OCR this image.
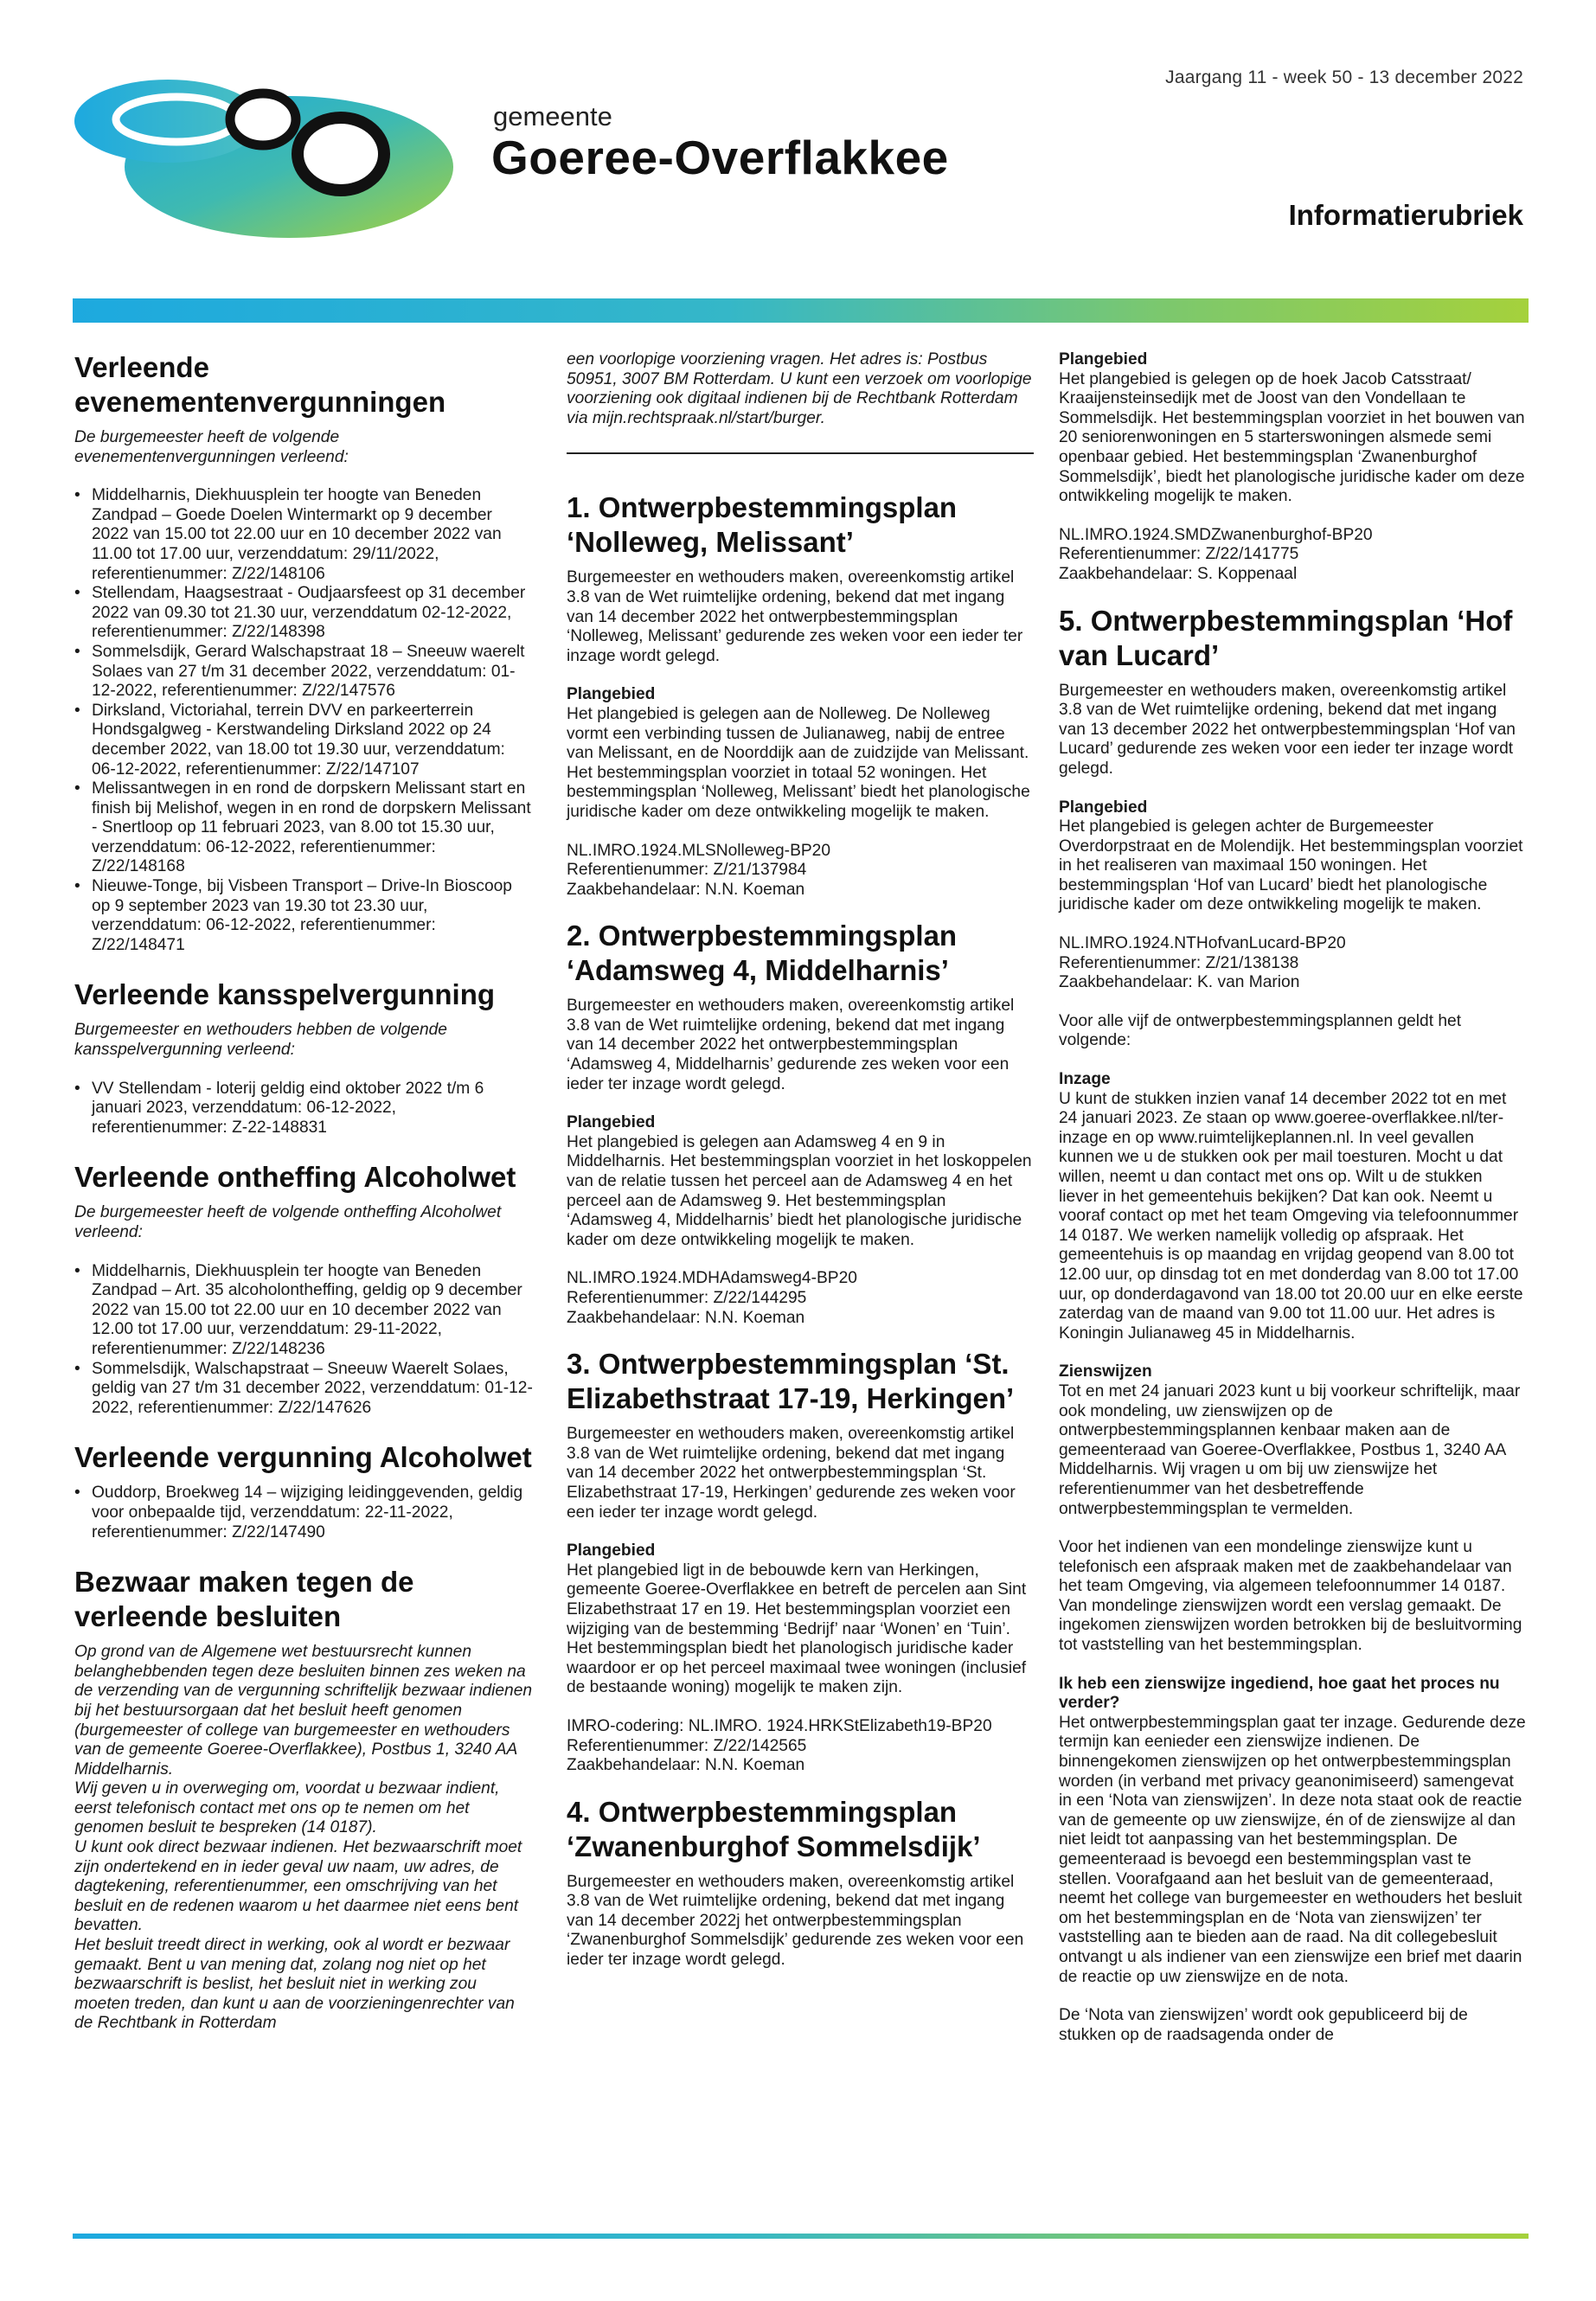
Jaargang 11 - week 50 - 13 december 2022
gemeente
Goeree-Overflakkee
Informatierubriek
Verleende evenementenvergunningen

De burgemeester heeft de volgende evenementenvergunningen verleend:

• Middelharnis, Diekhuusplein ter hoogte van Beneden Zandpad – Goede Doelen Wintermarkt op 9 december 2022 van 15.00 tot 22.00 uur en 10 december 2022 van 11.00 tot 17.00 uur, verzenddatum: 29/11/2022, referentienummer: Z/22/148106
• Stellendam, Haagsestraat - Oudjaarsfeest op 31 december 2022 van 09.30 tot 21.30 uur, verzenddatum 02-12-2022, referentienummer: Z/22/148398
• Sommelsdijk, Gerard Walschapstraat 18 – Sneeuw waerelt Solaes van 27 t/m 31 december 2022, verzenddatum: 01-12-2022, referentienummer: Z/22/147576
• Dirksland, Victoriahal, terrein DVV en parkeerterrein Hondsgalgweg - Kerstwandeling Dirksland 2022 op 24 december 2022, van 18.00 tot 19.30 uur, verzenddatum: 06-12-2022, referentienummer: Z/22/147107
• Melissantwegen in en rond de dorpskern Melissant start en finish bij Melishof, wegen in en rond de dorpskern Melissant - Snertloop op 11 februari 2023, van 8.00 tot 15.30 uur, verzenddatum: 06-12-2022, referentienummer: Z/22/148168
• Nieuwe-Tonge, bij Visbeen Transport – Drive-In Bioscoop op 9 september 2023 van 19.30 tot 23.30 uur, verzenddatum: 06-12-2022, referentienummer: Z/22/148471
Verleende kansspelvergunning

Burgemeester en wethouders hebben de volgende kansspelvergunning verleend:

• VV Stellendam - loterij geldig eind oktober 2022 t/m 6 januari 2023, verzenddatum: 06-12-2022, referentienummer: Z-22-148831
Verleende ontheffing Alcoholwet

De burgemeester heeft de volgende ontheffing Alcoholwet verleend:

• Middelharnis, Diekhuusplein ter hoogte van Beneden Zandpad – Art. 35 alcoholontheffing, geldig op 9 december 2022 van 15.00 tot 22.00 uur en 10 december 2022 van 12.00 tot 17.00 uur, verzenddatum: 29-11-2022, referentienummer: Z/22/148236
• Sommelsdijk, Walschapstraat – Sneeuw Waerelt Solaes, geldig van 27 t/m 31 december 2022, verzenddatum: 01-12-2022, referentienummer: Z/22/147626
Verleende vergunning Alcoholwet
• Ouddorp, Broekweg 14 – wijziging leidinggevenden, geldig voor onbepaalde tijd, verzenddatum: 22-11-2022, referentienummer: Z/22/147490
Bezwaar maken tegen de verleende besluiten
Op grond van de Algemene wet bestuursrecht kunnen belanghebbenden tegen deze besluiten binnen zes weken na de verzending van de vergunning schriftelijk bezwaar indienen bij het bestuursorgaan dat het besluit heeft genomen (burgemeester of college van burgemeester en wethouders van de gemeente Goeree-Overflakkee), Postbus 1, 3240 AA Middelharnis.
Wij geven u in overweging om, voordat u bezwaar indient, eerst telefonisch contact met ons op te nemen om het genomen besluit te bespreken (14 0187).
U kunt ook direct bezwaar indienen. Het bezwaarschrift moet zijn ondertekend en in ieder geval uw naam, uw adres, de dagtekening, referentienummer, een omschrijving van het besluit en de redenen waarom u het daarmee niet eens bent bevatten.
Het besluit treedt direct in werking, ook al wordt er bezwaar gemaakt. Bent u van mening dat, zolang nog niet op het bezwaarschrift is beslist, het besluit niet in werking zou moeten treden, dan kunt u aan de voorzieningenrechter van de Rechtbank in Rotterdam

een voorlopige voorziening vragen. Het adres is: Postbus 50951, 3007 BM Rotterdam. U kunt een verzoek om voorlopige voorziening ook digitaal indienen bij de Rechtbank Rotterdam via mijn.rechtspraak.nl/start/burger.

1. Ontwerpbestemmingsplan ‘Nolleweg, Melissant’

Burgemeester en wethouders maken, overeenkomstig artikel 3.8 van de Wet ruimtelijke ordening, bekend dat met ingang van 14 december 2022 het ontwerpbestemmingsplan ‘Nolleweg, Melissant’ gedurende zes weken voor een ieder ter inzage wordt gelegd.

Plangebied

Het plangebied is gelegen aan de Nolleweg. De Nolleweg vormt een verbinding tussen de Julianaweg, nabij de entree van Melissant, en de Noorddijk aan de zuidzijde van Melissant. Het bestemmingsplan voorziet in totaal 52 woningen. Het bestemmingsplan ‘Nolleweg, Melissant’ biedt het planologische juridische kader om deze ontwikkeling mogelijk te maken.

NL.IMRO.1924.MLSNolleweg-BP20
Referentienummer: Z/21/137984

Zaakbehandelaar: N.N. Koeman

2. Ontwerpbestemmingsplan ‘Adamsweg 4, Middelharnis’

Burgemeester en wethouders maken, overeenkomstig artikel 3.8 van de Wet ruimtelijke ordening, bekend dat met ingang van 14 december 2022 het ontwerpbestemmingsplan ‘Adamsweg 4, Middelharnis’ gedurende zes weken voor een ieder ter inzage wordt gelegd.

Plangebied

Het plangebied is gelegen aan Adamsweg 4 en 9 in Middelharnis. Het bestemmingsplan voorziet in het loskoppelen van de relatie tussen het perceel aan de Adamsweg 4 en het perceel aan de Adamsweg 9. Het bestemmingsplan ‘Adamsweg 4, Middelharnis’ biedt het planologische juridische kader om deze ontwikkeling mogelijk te maken.

NL.IMRO.1924.MDHAdamsweg4-BP20
Referentienummer: Z/22/144295

Zaakbehandelaar: N.N. Koeman

3. Ontwerpbestemmingsplan ‘St. Elizabethstraat 17-19, Herkingen’

Burgemeester en wethouders maken, overeenkomstig artikel 3.8 van de Wet ruimtelijke ordening, bekend dat met ingang van 14 december 2022 het ontwerpbestemmingsplan ‘St. Elizabethstraat 17-19, Herkingen’ gedurende zes weken voor een ieder ter inzage wordt gelegd.

Plangebied

Het plangebied ligt in de bebouwde kern van Herkingen, gemeente Goeree-Overflakkee en betreft de percelen aan Sint Elizabethstraat 17 en 19. Het bestemmingsplan voorziet een wijziging van de bestemming ‘Bedrijf’ naar ‘Wonen’ en ‘Tuin’. Het bestemmingsplan biedt het planologisch juridische kader waardoor er op het perceel maximaal twee woningen (inclusief de bestaande woning) mogelijk te maken zijn.

IMRO-codering: NL.IMRO. 1924.HRKStElizabeth19-BP20
Referentienummer: Z/22/142565

Zaakbehandelaar: N.N. Koeman

4. Ontwerpbestemmingsplan ‘Zwanenburghof Sommelsdijk’

Burgemeester en wethouders maken, overeenkomstig artikel 3.8 van de Wet ruimtelijke ordening, bekend dat met ingang van 14 december 2022j het ontwerpbestemmingsplan ‘Zwanenburghof Sommelsdijk’ gedurende zes weken voor een ieder ter inzage wordt gelegd.

Plangebied

Het plangebied is gelegen op de hoek Jacob Catsstraat/ Kraaijensteinsedijk met de Joost van den Vondellaan te Sommelsdijk. Het bestemmingsplan voorziet in het bouwen van 20 seniorenwoningen en 5 starterswoningen alsmede semi openbaar gebied. Het bestemmingsplan ‘Zwanenburghof Sommelsdijk’, biedt het planologische juridische kader om deze ontwikkeling mogelijk te maken.

NL.IMRO.1924.SMDZwanenburghof-BP20
Referentienummer: Z/22/141775

Zaakbehandelaar: S. Koppenaal

5. Ontwerpbestemmingsplan ‘Hof van Lucard’

Burgemeester en wethouders maken, overeenkomstig artikel 3.8 van de Wet ruimtelijke ordening, bekend dat met ingang van 13 december 2022 het ontwerpbestemmingsplan ‘Hof van Lucard’ gedurende zes weken voor een ieder ter inzage wordt gelegd.

Plangebied

Het plangebied is gelegen achter de Burgemeester Overdorpstraat en de Molendijk. Het bestemmingsplan voorziet in het realiseren van maximaal 150 woningen. Het bestemmingsplan ‘Hof van Lucard’ biedt het planologische juridische kader om deze ontwikkeling mogelijk te maken.

NL.IMRO.1924.NTHofvanLucard-BP20
Referentienummer: Z/21/138138

Zaakbehandelaar: K. van Marion

Voor alle vijf de ontwerpbestemmingsplannen geldt het volgende:

Inzage

U kunt de stukken inzien vanaf 14 december 2022 tot en met 24 januari 2023. Ze staan op www.goeree-overflakkee.nl/ter-inzage en op www.ruimtelijkeplannen.nl. In veel gevallen kunnen we u de stukken ook per mail toesturen. Mocht u dat willen, neemt u dan contact met ons op. Wilt u de stukken liever in het gemeentehuis bekijken? Dat kan ook. Neemt u vooraf contact op met het team Omgeving via telefoonnummer 14 0187. We werken namelijk volledig op afspraak. Het gemeentehuis is op maandag en vrijdag geopend van 8.00 tot 12.00 uur, op dinsdag tot en met donderdag van 8.00 tot 17.00 uur, op donderdagavond van 18.00 tot 20.00 uur en elke eerste zaterdag van de maand van 9.00 tot 11.00 uur. Het adres is Koningin Julianaweg 45 in Middelharnis.

Zienswijzen

Tot en met 24 januari 2023 kunt u bij voorkeur schriftelijk, maar ook mondeling, uw zienswijzen op de ontwerpbestemmingsplannen kenbaar maken aan de gemeenteraad van Goeree-Overflakkee, Postbus 1, 3240 AA Middelharnis. Wij vragen u om bij uw zienswijze het referentienummer van het desbetreffende ontwerpbestemmingsplan te vermelden.

Voor het indienen van een mondelinge zienswijze kunt u telefonisch een afspraak maken met de zaakbehandelaar van het team Omgeving, via algemeen telefoonnummer 14 0187. Van mondelinge zienswijzen wordt een verslag gemaakt. De ingekomen zienswijzen worden betrokken bij de besluitvorming tot vaststelling van het bestemmingsplan.

Ik heb een zienswijze ingediend, hoe gaat het proces nu verder?

Het ontwerpbestemmingsplan gaat ter inzage. Gedurende deze termijn kan eenieder een zienswijze indienen. De binnengekomen zienswijzen op het ontwerpbestemmingsplan worden (in verband met privacy geanonimiseerd) samengevat in een ‘Nota van zienswijzen’. In deze nota staat ook de reactie van de gemeente op uw zienswijze, én of de zienswijze al dan niet leidt tot aanpassing van het bestemmingsplan. De gemeenteraad is bevoegd een bestemmingsplan vast te stellen. Voorafgaand aan het besluit van de gemeenteraad, neemt het college van burgemeester en wethouders het besluit om het bestemmingsplan en de ‘Nota van zienswijzen’ ter vaststelling aan te bieden aan de raad. Na dit collegebesluit ontvangt u als indiener van een zienswijze een brief met daarin de reactie op uw zienswijze en de nota.

De ‘Nota van zienswijzen’ wordt ook gepubliceerd bij de stukken op de raadsagenda onder de
